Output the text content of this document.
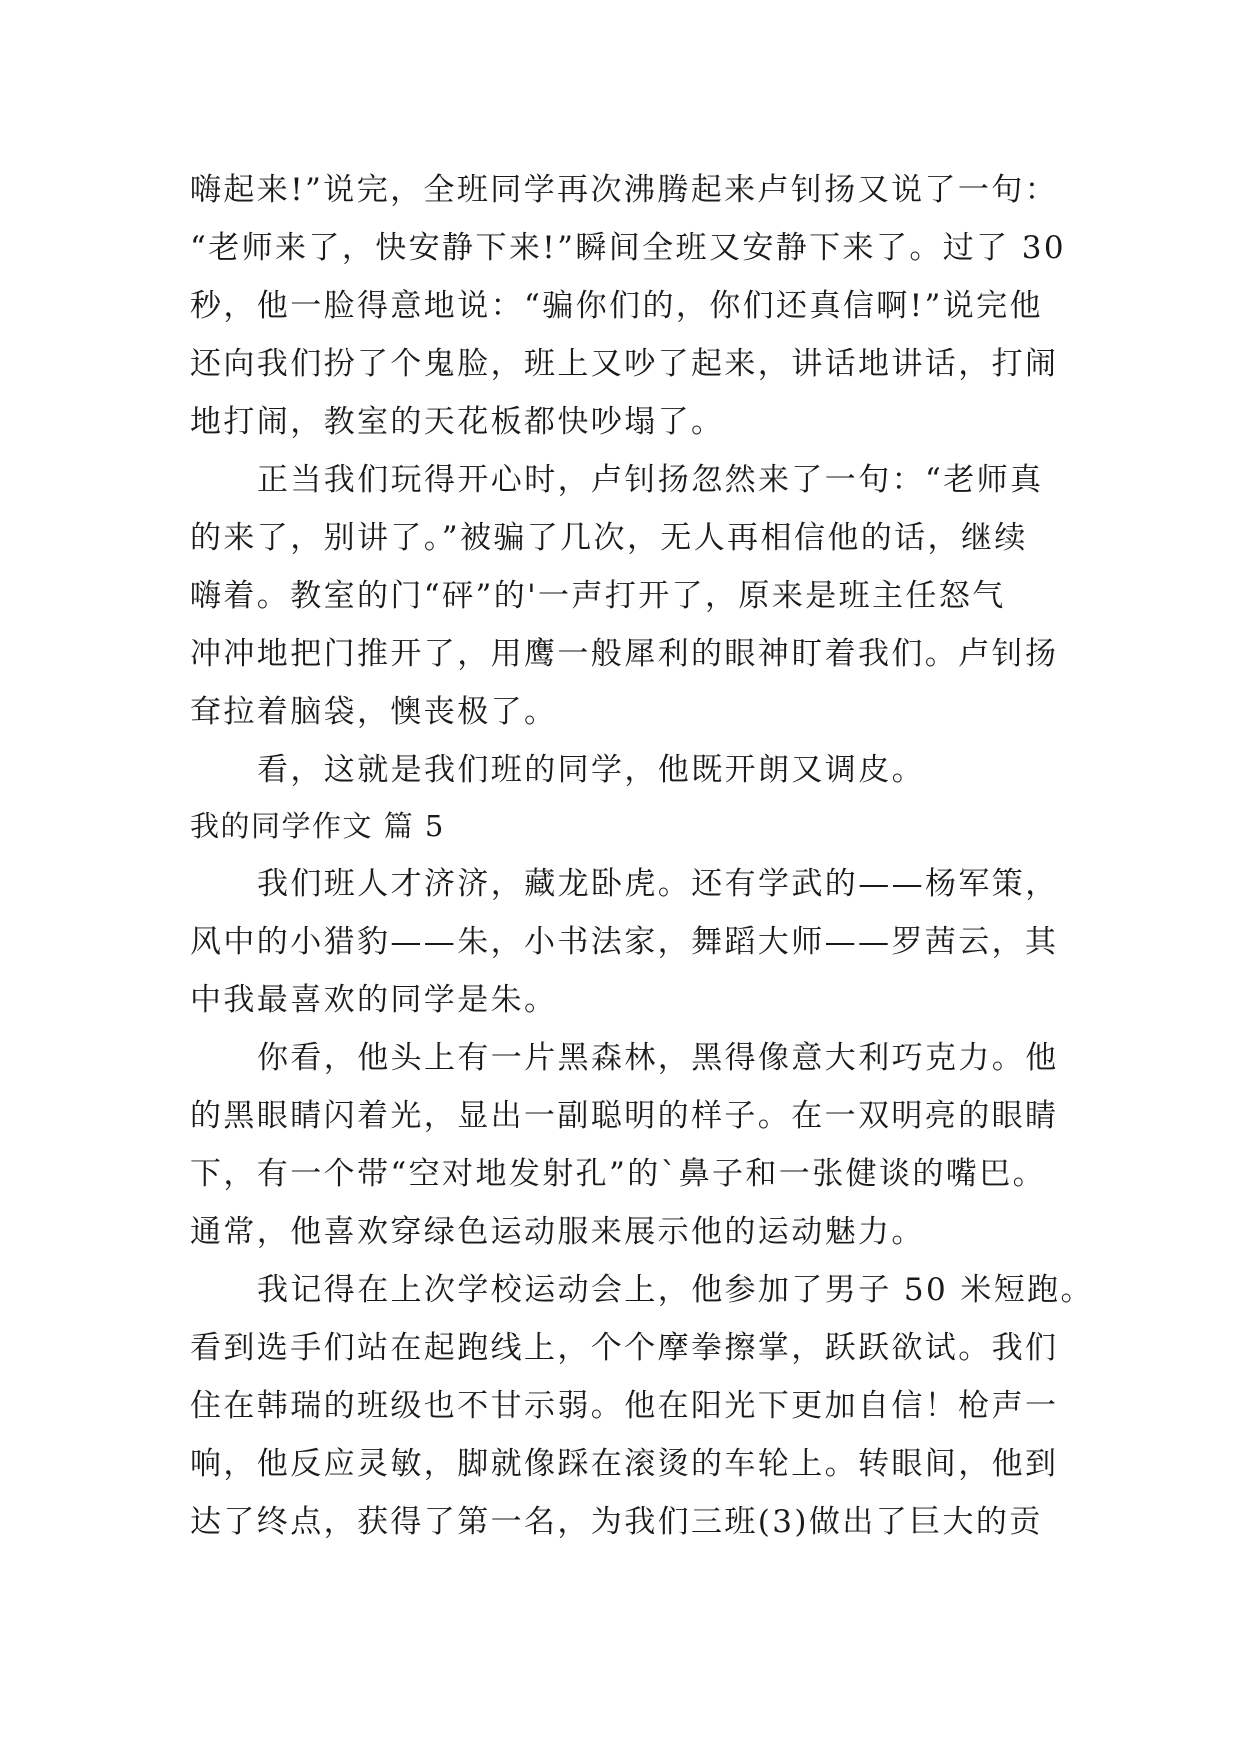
嗨起来!”说完，全班同学再次沸腾起来卢钊扬又说了一句：
“老师来了，快安静下来!”瞬间全班又安静下来了。过了 30
秒，他一脸得意地说：“骗你们的，你们还真信啊!”说完他
还向我们扮了个鬼脸，班上又吵了起来，讲话地讲话，打闹
地打闹，教室的天花板都快吵塌了。
正当我们玩得开心时，卢钊扬忽然来了一句：“老师真
的来了，别讲了。”被骗了几次，无人再相信他的话，继续
嗨着。教室的门“砰”的'一声打开了，原来是班主任怒气
冲冲地把门推开了，用鹰一般犀利的眼神盯着我们。卢钊扬
耷拉着脑袋，懊丧极了。
看，这就是我们班的同学，他既开朗又调皮。
我的同学作文 篇 5
我们班人才济济，藏龙卧虎。还有学武的——杨军策，
风中的小猎豹——朱，小书法家，舞蹈大师——罗茜云，其
中我最喜欢的同学是朱。
你看，他头上有一片黑森林，黑得像意大利巧克力。他
的黑眼睛闪着光，显出一副聪明的样子。在一双明亮的眼睛
下，有一个带“空对地发射孔”的`鼻子和一张健谈的嘴巴。
通常，他喜欢穿绿色运动服来展示他的运动魅力。
我记得在上次学校运动会上，他参加了男子 50 米短跑。
看到选手们站在起跑线上，个个摩拳擦掌，跃跃欲试。我们
住在韩瑞的班级也不甘示弱。他在阳光下更加自信！枪声一
响，他反应灵敏，脚就像踩在滚烫的车轮上。转眼间，他到
达了终点，获得了第一名，为我们三班(3)做出了巨大的贡
